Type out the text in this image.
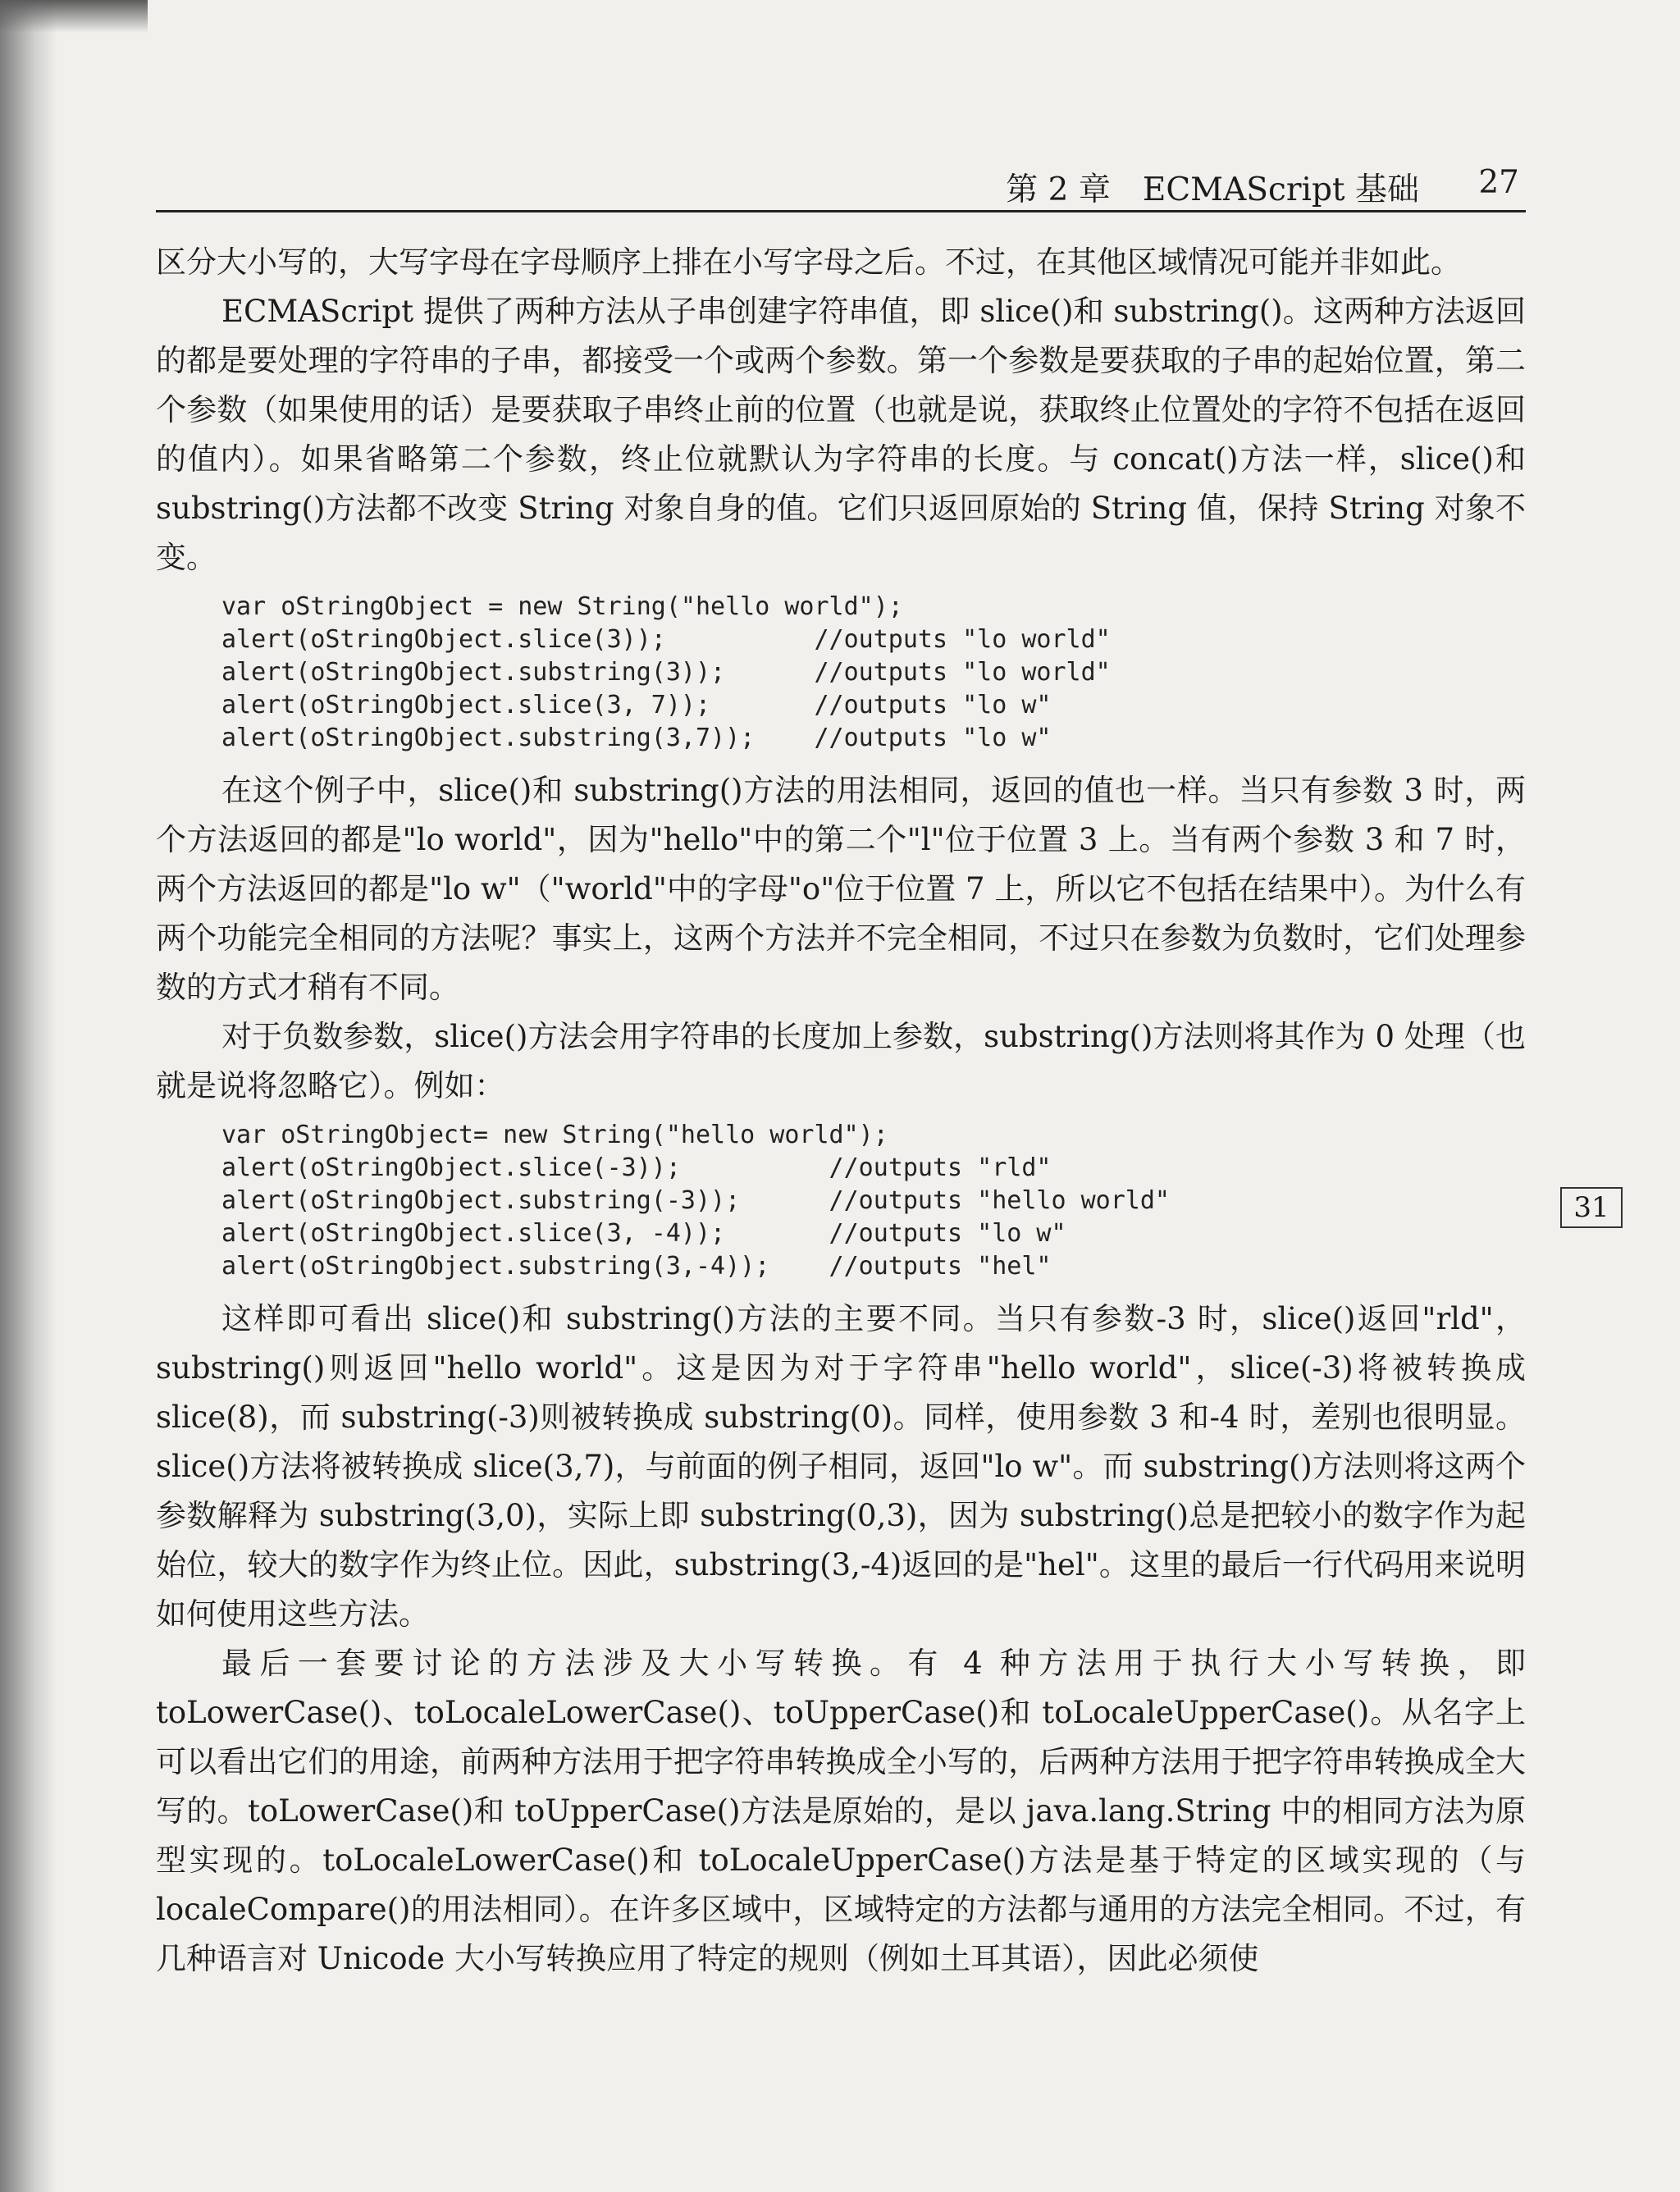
第 2 章　ECMAScript 基础 27

区分大小写的，大写字母在字母顺序上排在小写字母之后。不过，在其他区域情况可能并非如此。

ECMAScript 提供了两种方法从子串创建字符串值，即 slice()和 substring()。这两种方法返回的都是要处理的字符串的子串，都接受一个或两个参数。第一个参数是要获取的子串的起始位置，第二个参数（如果使用的话）是要获取子串终止前的位置（也就是说，获取终止位置处的字符不包括在返回的值内）。如果省略第二个参数，终止位就默认为字符串的长度。与 concat()方法一样，slice()和 substring()方法都不改变 String 对象自身的值。它们只返回原始的 String 值，保持 String 对象不变。

var oStringObject = new String("hello world");
alert(oStringObject.slice(3));          //outputs "lo world"
alert(oStringObject.substring(3));      //outputs "lo world"
alert(oStringObject.slice(3, 7));       //outputs "lo w"
alert(oStringObject.substring(3,7));    //outputs "lo w"

在这个例子中，slice()和 substring()方法的用法相同，返回的值也一样。当只有参数 3 时，两个方法返回的都是"lo world"，因为"hello"中的第二个"l"位于位置 3 上。当有两个参数 3 和 7 时，两个方法返回的都是"lo w"（"world"中的字母"o"位于位置 7 上，所以它不包括在结果中）。为什么有两个功能完全相同的方法呢？事实上，这两个方法并不完全相同，不过只在参数为负数时，它们处理参数的方式才稍有不同。

对于负数参数，slice()方法会用字符串的长度加上参数，substring()方法则将其作为 0 处理（也就是说将忽略它）。例如：

var oStringObject= new String("hello world");
alert(oStringObject.slice(-3));          //outputs "rld"
alert(oStringObject.substring(-3));      //outputs "hello world"
alert(oStringObject.slice(3, -4));       //outputs "lo w"
alert(oStringObject.substring(3,-4));    //outputs "hel"

这样即可看出 slice()和 substring()方法的主要不同。当只有参数-3 时，slice()返回"rld"，substring()则返回"hello world"。这是因为对于字符串"hello world"，slice(-3)将被转换成 slice(8)，而 substring(-3)则被转换成 substring(0)。同样，使用参数 3 和-4 时，差别也很明显。slice()方法将被转换成 slice(3,7)，与前面的例子相同，返回"lo w"。而 substring()方法则将这两个参数解释为 substring(3,0)，实际上即 substring(0,3)，因为 substring()总是把较小的数字作为起始位，较大的数字作为终止位。因此，substring(3,-4)返回的是"hel"。这里的最后一行代码用来说明如何使用这些方法。

最后一套要讨论的方法涉及大小写转换。有 4 种方法用于执行大小写转换，即 toLowerCase()、toLocaleLowerCase()、toUpperCase()和 toLocaleUpperCase()。从名字上可以看出它们的用途，前两种方法用于把字符串转换成全小写的，后两种方法用于把字符串转换成全大写的。toLowerCase()和 toUpperCase()方法是原始的，是以 java.lang.String 中的相同方法为原型实现的。toLocaleLowerCase()和 toLocaleUpperCase()方法是基于特定的区域实现的（与 localeCompare()的用法相同）。在许多区域中，区域特定的方法都与通用的方法完全相同。不过，有几种语言对 Unicode 大小写转换应用了特定的规则（例如土耳其语），因此必须使

31
